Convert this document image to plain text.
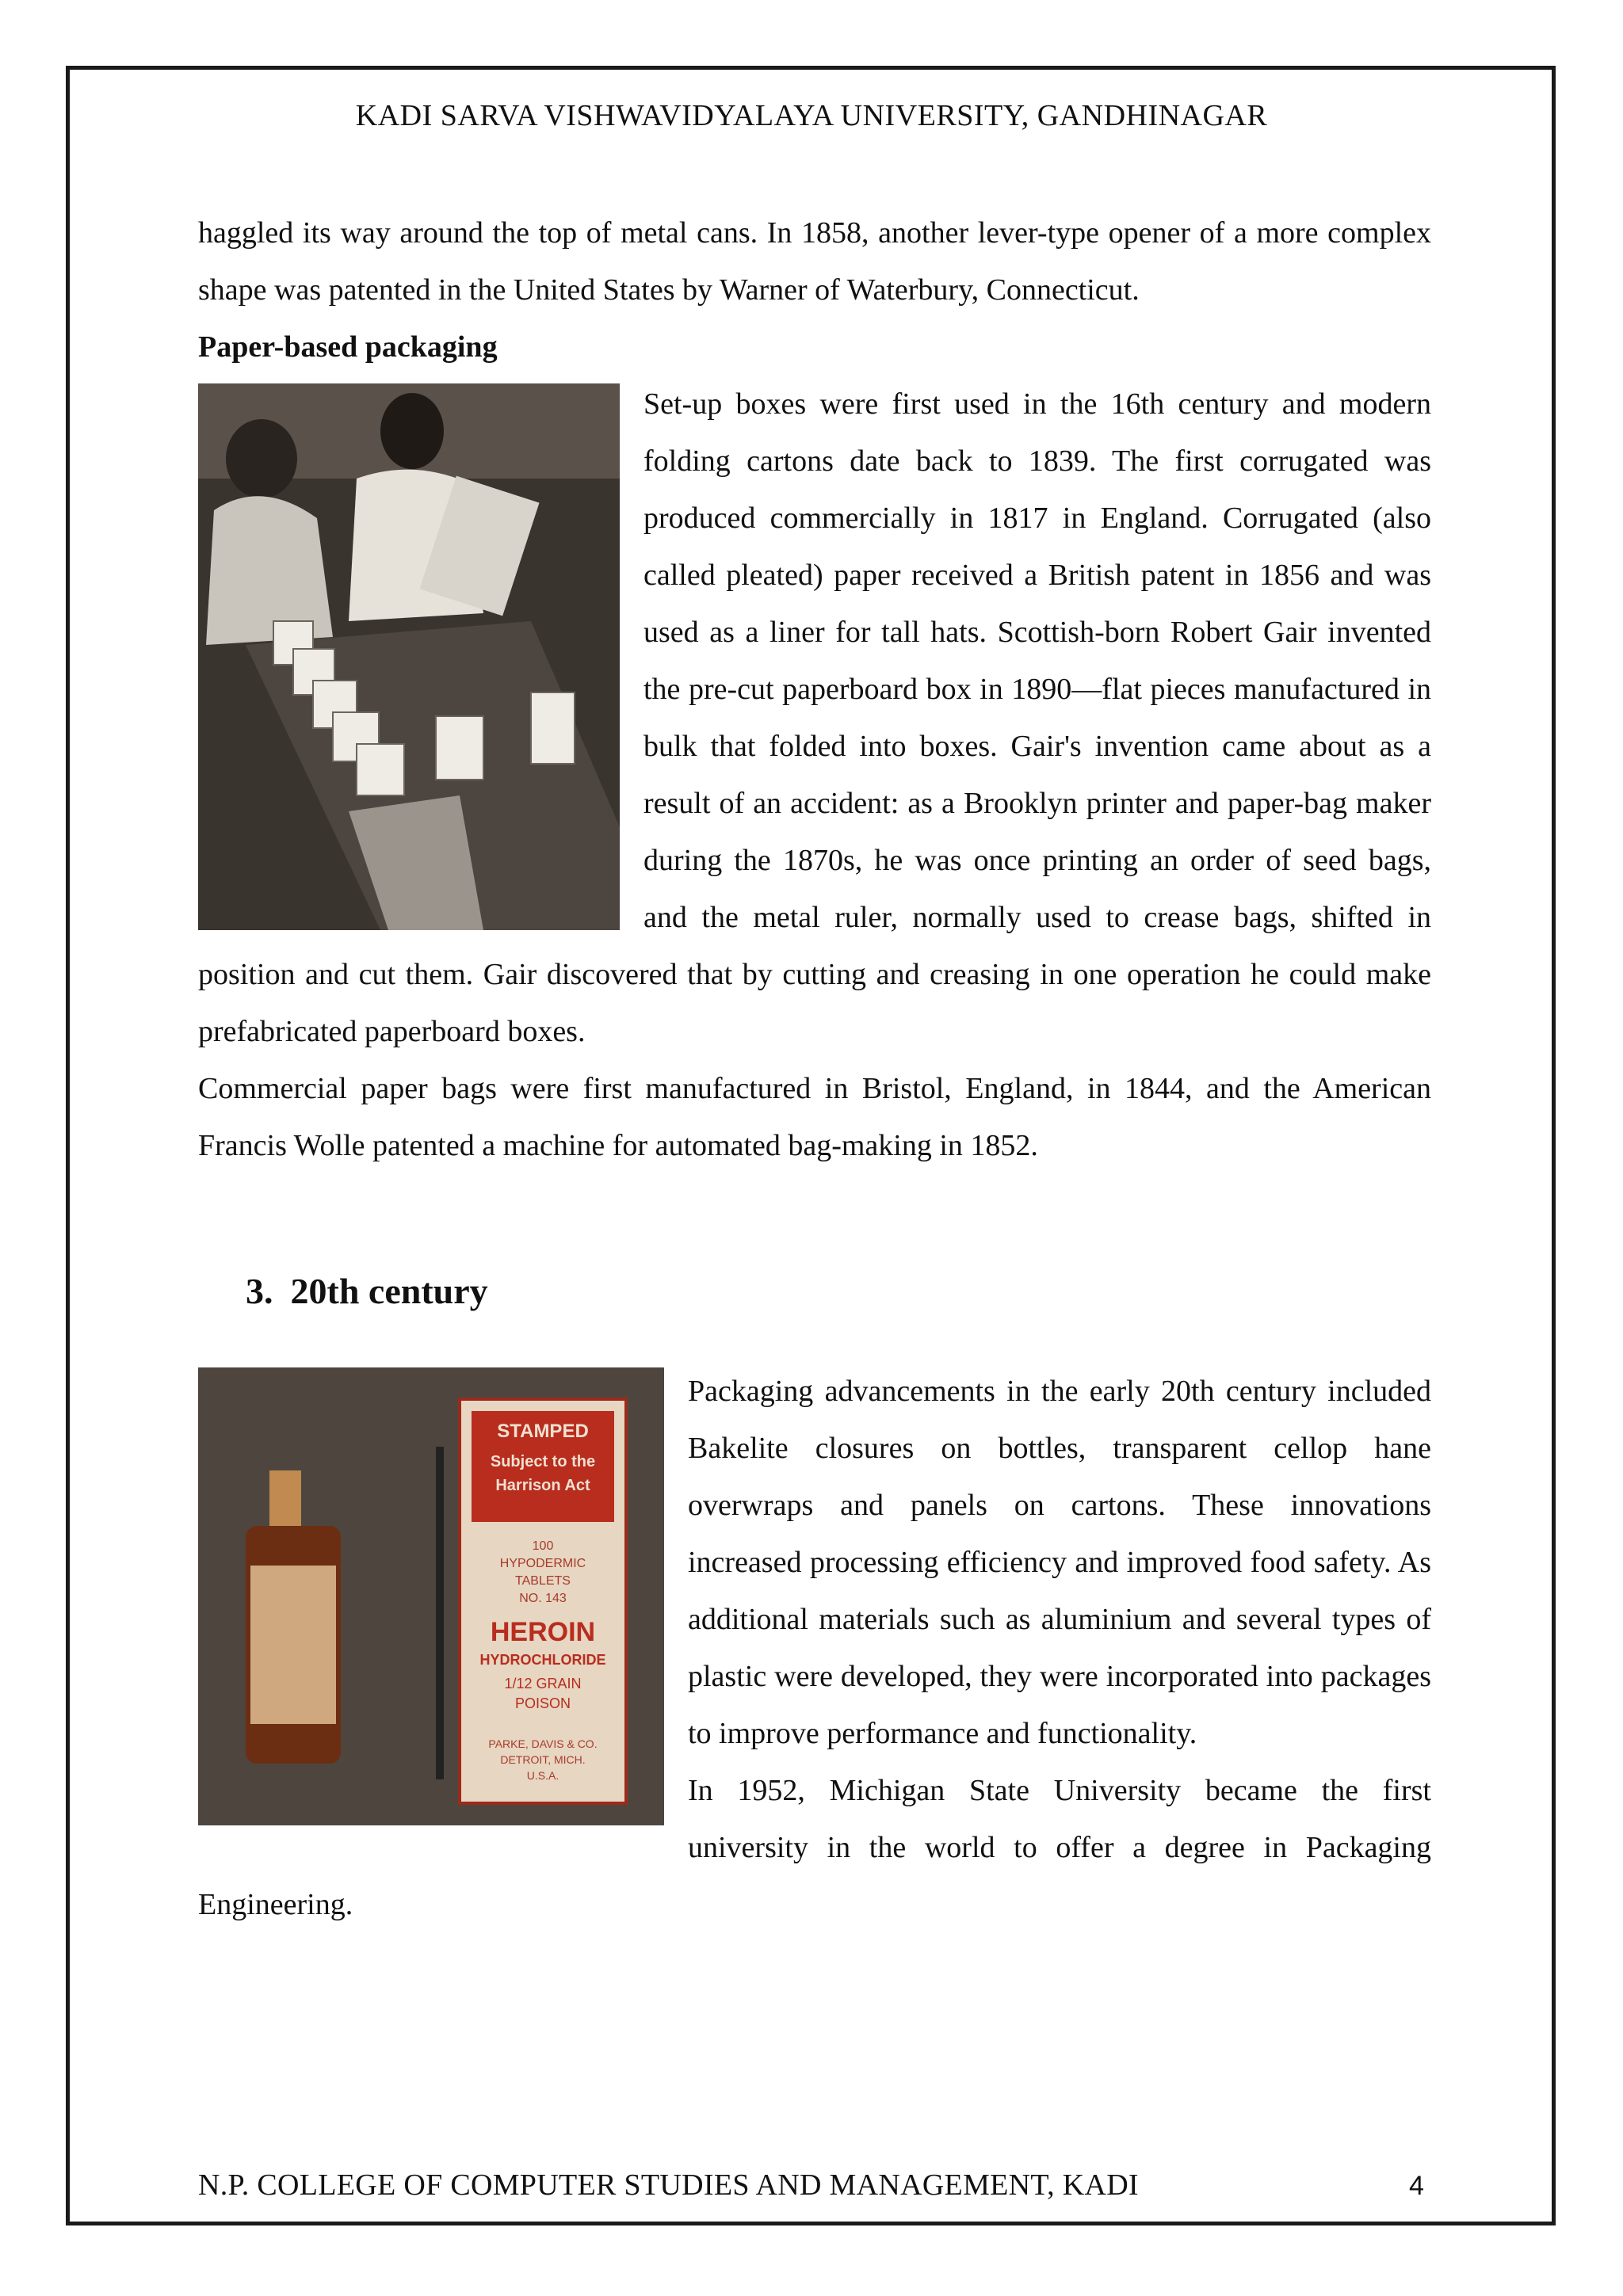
KADI SARVA VISHWAVIDYALAYA UNIVERSITY, GANDHINAGAR

haggled its way around the top of metal cans. In 1858, another lever-type opener of a more complex shape was patented in the United States by Warner of Waterbury, Connecticut.

Paper-based packaging

Set-up boxes were first used in the 16th century and modern folding cartons date back to 1839. The first corrugated was produced commercially in 1817 in England. Corrugated (also called pleated) paper received a British patent in 1856 and was used as a liner for tall hats. Scottish-born Robert Gair invented the pre-cut paperboard box in 1890—flat pieces manufactured in bulk that folded into boxes. Gair's invention came about as a result of an accident: as a Brooklyn printer and paper-bag maker during the 1870s, he was once printing an order of seed bags, and the metal ruler, normally used to crease bags, shifted in position and cut them. Gair discovered that by cutting and creasing in one operation he could make prefabricated paperboard boxes.

Commercial paper bags were first manufactured in Bristol, England, in 1844, and the American Francis Wolle patented a machine for automated bag-making in 1852.

3. 20th century
STAMPED
Subject to the
Harrison Act
100
HYPODERMIC
TABLETS
NO. 143
HEROIN
HYDROCHLORIDE
1/12 GRAIN
POISON
PARKE, DAVIS & CO.
DETROIT, MICH.
U.S.A.

Packaging advancements in the early 20th century included Bakelite closures on bottles, transparent cellop hane overwraps and panels on cartons. These innovations increased processing efficiency and improved food safety. As additional materials such as aluminium and several types of plastic were developed, they were incorporated into packages to improve performance and functionality.

In 1952, Michigan State University became the first university in the world to offer a degree in Packaging Engineering.

N.P. COLLEGE OF COMPUTER STUDIES AND MANAGEMENT, KADI	4
